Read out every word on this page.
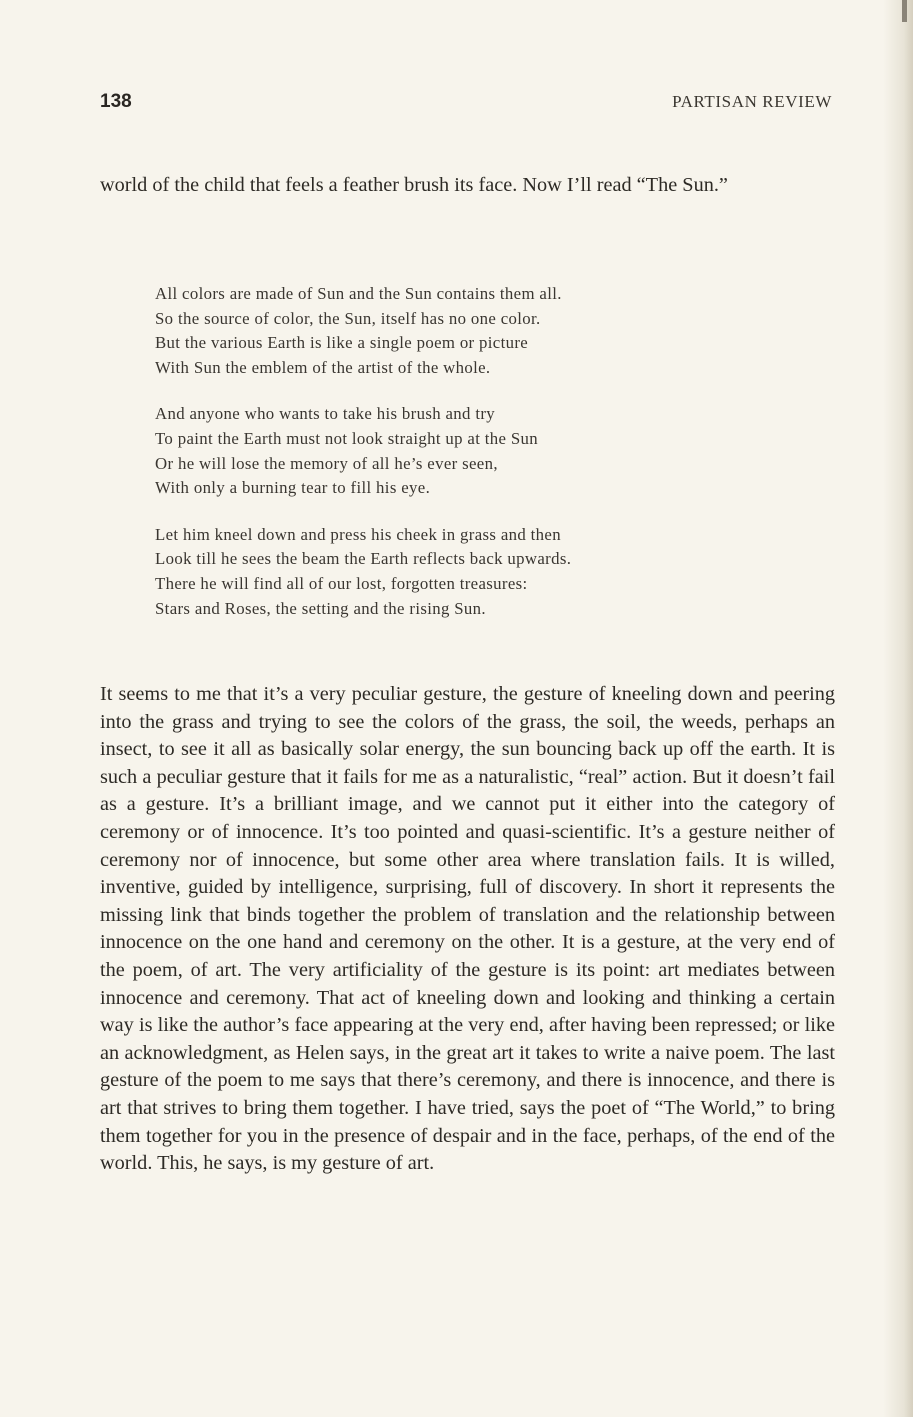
138	PARTISAN REVIEW

world of the child that feels a feather brush its face. Now I’ll read “The Sun.”

All colors are made of Sun and the Sun contains them all.
So the source of color, the Sun, itself has no one color.
But the various Earth is like a single poem or picture
With Sun the emblem of the artist of the whole.
And anyone who wants to take his brush and try
To paint the Earth must not look straight up at the Sun
Or he will lose the memory of all he’s ever seen,
With only a burning tear to fill his eye.
Let him kneel down and press his cheek in grass and then
Look till he sees the beam the Earth reflects back upwards.
There he will find all of our lost, forgotten treasures:
Stars and Roses, the setting and the rising Sun.

It seems to me that it’s a very peculiar gesture, the gesture of kneeling down and peering into the grass and trying to see the colors of the grass, the soil, the weeds, perhaps an insect, to see it all as basically solar energy, the sun bouncing back up off the earth. It is such a peculiar gesture that it fails for me as a naturalistic, “real” action. But it doesn’t fail as a gesture. It’s a brilliant image, and we cannot put it either into the category of ceremony or of innocence. It’s too pointed and quasi-scientific. It’s a gesture neither of ceremony nor of innocence, but some other area where translation fails. It is willed, inventive, guided by intelligence, surprising, full of discovery. In short it represents the missing link that binds together the problem of translation and the relationship between innocence on the one hand and ceremony on the other. It is a gesture, at the very end of the poem, of art. The very artificiality of the gesture is its point: art mediates between innocence and ceremony. That act of kneeling down and looking and thinking a certain way is like the author’s face appearing at the very end, after having been repressed; or like an acknowledgment, as Helen says, in the great art it takes to write a naive poem. The last gesture of the poem to me says that there’s ceremony, and there is innocence, and there is art that strives to bring them together. I have tried, says the poet of “The World,” to bring them together for you in the presence of despair and in the face, perhaps, of the end of the world. This, he says, is my gesture of art.
